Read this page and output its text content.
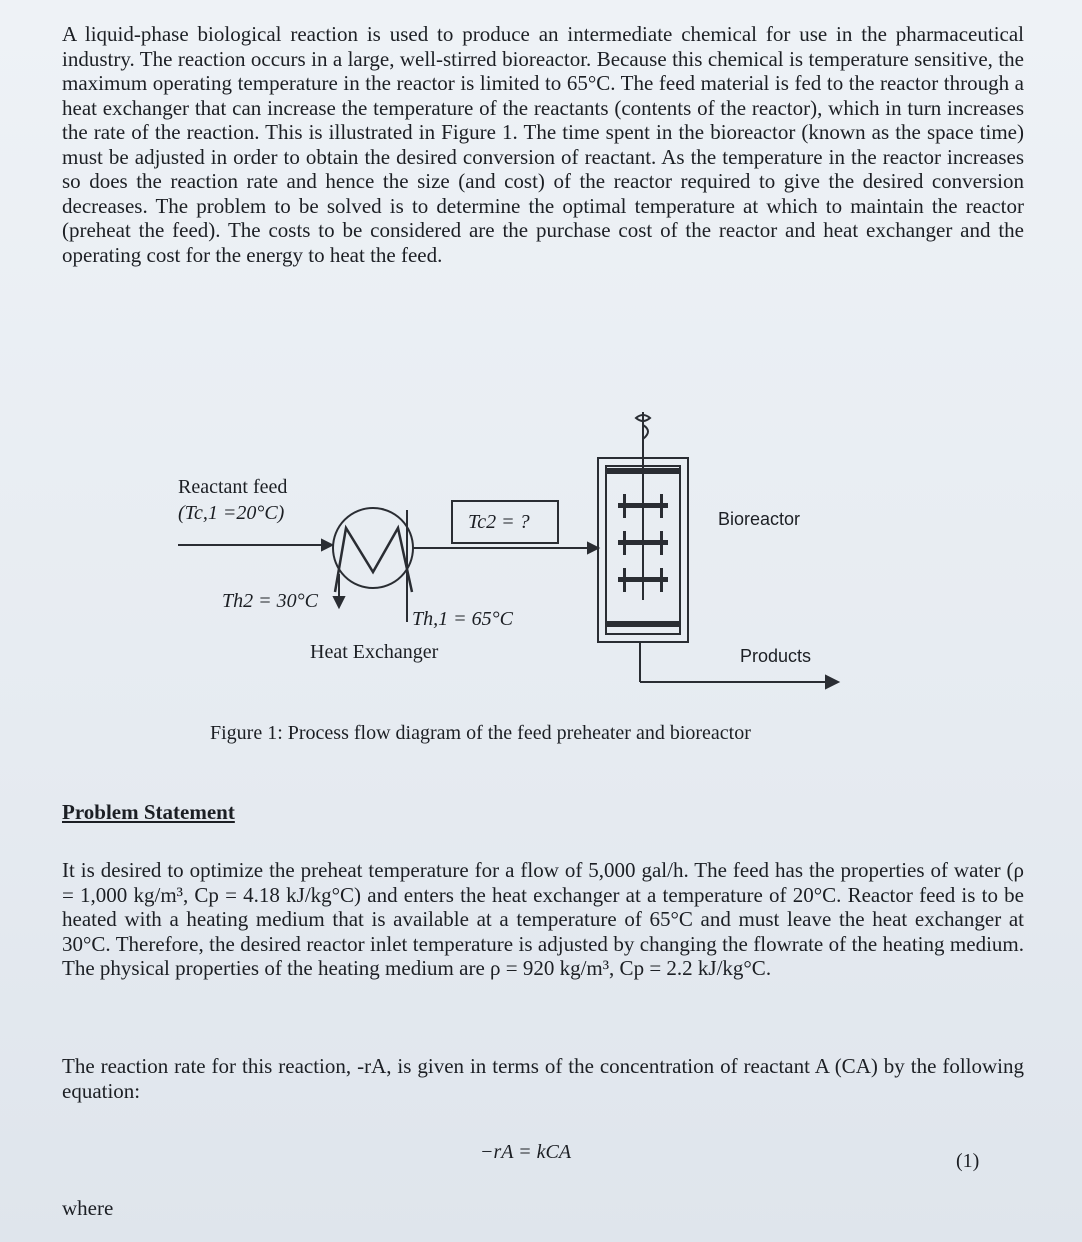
A liquid-phase biological reaction is used to produce an intermediate chemical for use in the pharmaceutical industry. The reaction occurs in a large, well-stirred bioreactor. Because this chemical is temperature sensitive, the maximum operating temperature in the reactor is limited to 65°C. The feed material is fed to the reactor through a heat exchanger that can increase the temperature of the reactants (contents of the reactor), which in turn increases the rate of the reaction. This is illustrated in Figure 1. The time spent in the bioreactor (known as the space time) must be adjusted in order to obtain the desired conversion of reactant. As the temperature in the reactor increases so does the reaction rate and hence the size (and cost) of the reactor required to give the desired conversion decreases. The problem to be solved is to determine the optimal temperature at which to maintain the reactor (preheat the feed). The costs to be considered are the purchase cost of the reactor and heat exchanger and the operating cost for the energy to heat the feed.

Reactant feed
(Tc,1 =20°C)	Tc2 = ?
Th2 = 30°C
Th,1 = 65°C
Heat Exchanger
Bioreactor
Products

Figure 1: Process flow diagram of the feed preheater and bioreactor

Problem Statement

It is desired to optimize the preheat temperature for a flow of 5,000 gal/h. The feed has the properties of water (ρ = 1,000 kg/m³, Cp = 4.18 kJ/kg°C) and enters the heat exchanger at a temperature of 20°C. Reactor feed is to be heated with a heating medium that is available at a temperature of 65°C and must leave the heat exchanger at 30°C. Therefore, the desired reactor inlet temperature is adjusted by changing the flowrate of the heating medium. The physical properties of the heating medium are ρ = 920 kg/m³, Cp = 2.2 kJ/kg°C.

The reaction rate for this reaction, -rA, is given in terms of the concentration of reactant A (CA) by the following equation:

−rA = kCA	(1)
where
